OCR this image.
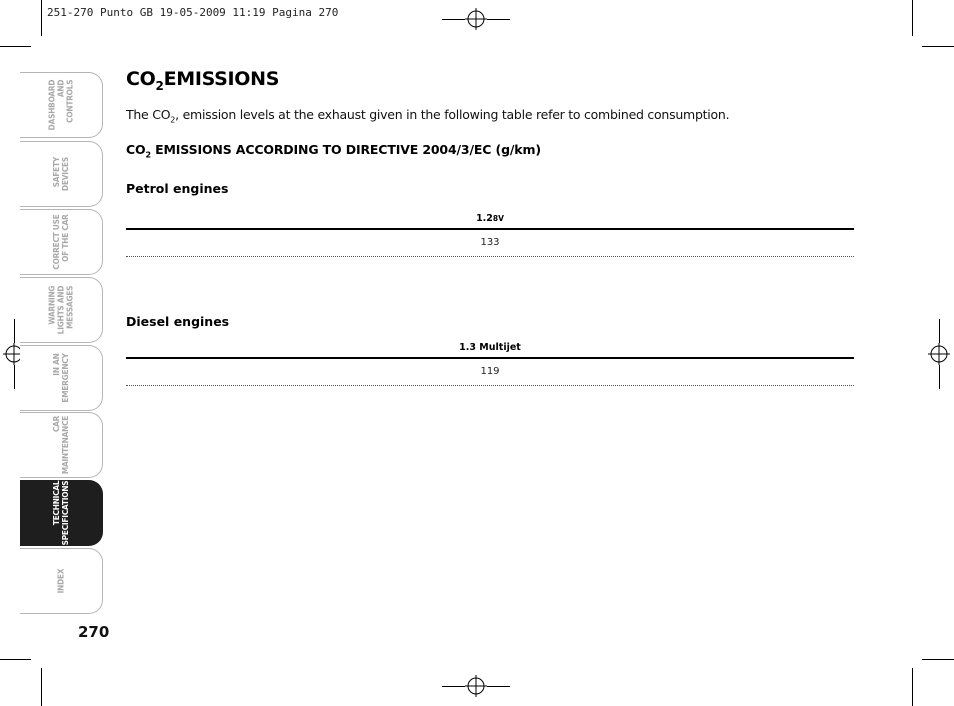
251-270 Punto GB 19-05-2009 11:19 Pagina 270
DASHBOARD
AND
CONTROLS
SAFETY
DEVICES
CORRECT USE
OF THE CAR
WARNING
LIGHTS AND
MESSAGES
IN AN
EMERGENCY
CAR
MAINTENANCE
TECHNICAL
SPECIFICATIONS
INDEX
270
$CO_2EMISSIONS$
The $CO_2$, emission levels at the exhaust given in the following table refer to combined consumption.
$CO_2$ EMISSIONS ACCORDING TO DIRECTIVE 2004/3/EC (g/km)
Petrol engines
1.28V
133
Diesel engines
1.3 Multijet
119
